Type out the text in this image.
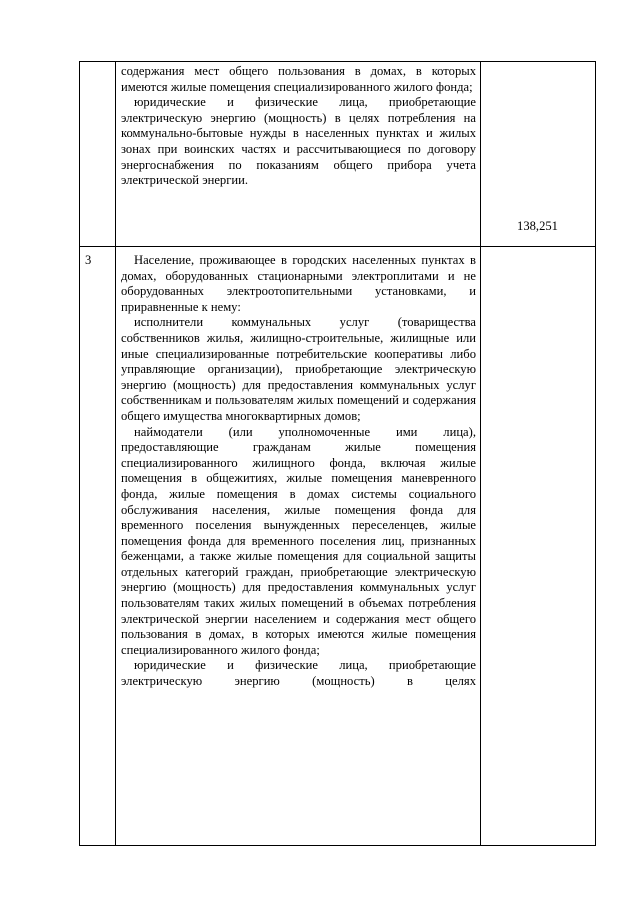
содержания мест общего пользования в домах, в которых имеются жилые помещения специализированного жилого фонда;

юридические и физические лица, приобретающие электрическую энергию (мощность) в целях потребления на коммунально-бытовые нужды в населенных пунктах и жилых зонах при воинских частях и рассчитывающиеся по договору энергоснабжения по показаниям общего прибора учета электрической энергии.

138,251
3	Население, проживающее в городских населенных пунктах в домах, оборудованных стационарными электроплитами и не оборудованных электроотопительными установками, и приравненные к нему:

исполнители коммунальных услуг (товарищества собственников жилья, жилищно-строительные, жилищные или иные специализированные потребительские кооперативы либо управляющие организации), приобретающие электрическую энергию (мощность) для предоставления коммунальных услуг собственникам и пользователям жилых помещений и содержания общего имущества многоквартирных домов;

наймодатели (или уполномоченные ими лица), предоставляющие гражданам жилые помещения специализированного жилищного фонда, включая жилые помещения в общежитиях, жилые помещения маневренного фонда, жилые помещения в домах системы социального обслуживания населения, жилые помещения фонда для временного поселения вынужденных переселенцев, жилые помещения фонда для временного поселения лиц, признанных беженцами, а также жилые помещения для социальной защиты отдельных категорий граждан, приобретающие электрическую энергию (мощность) для предоставления коммунальных услуг пользователям таких жилых помещений в объемах потребления электрической энергии населением и содержания мест общего пользования в домах, в которых имеются жилые помещения специализированного жилого фонда;

юридические и физические лица, приобретающие электрическую энергию (мощность) в целях
